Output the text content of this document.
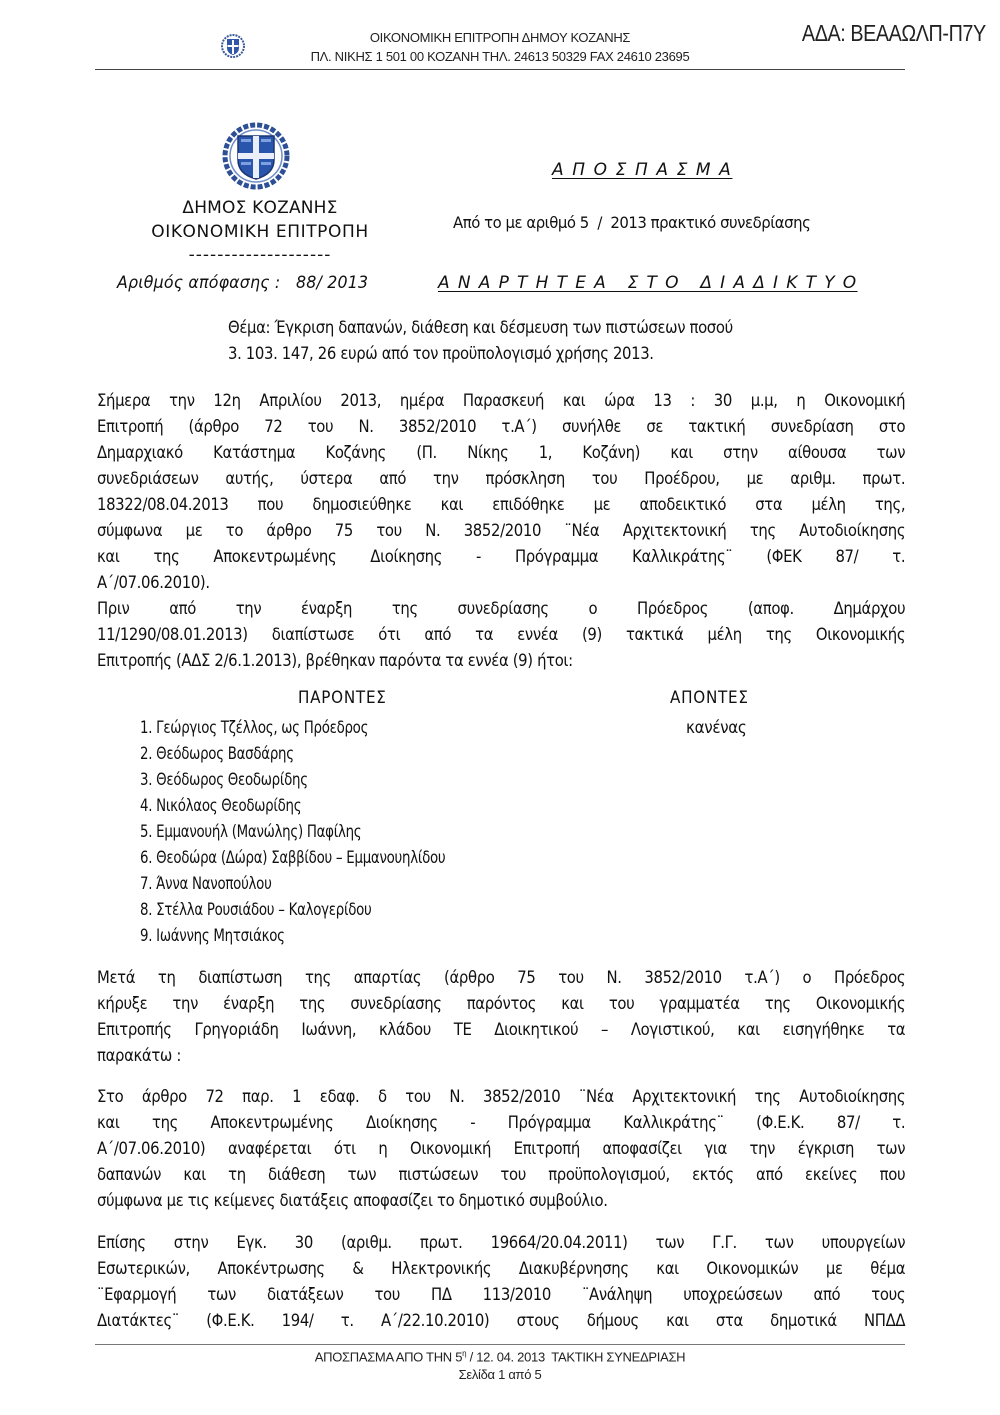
ΟΙΚΟΝΟΜΙΚΗ ΕΠΙΤΡΟΠΗ ΔΗΜΟΥ ΚΟΖΑΝΗΣ
ΠΛ. ΝΙΚΗΣ 1 501 00 ΚΟΖΑΝΗ ΤΗΛ. 24613 50329 FAX 24610 23695
ΑΔΑ: ΒΕΑΑΩΛΠ-Π7Υ
ΔΗΜΟΣ ΚΟΖΑΝΗΣ
ΟΙΚΟΝΟΜΙΚΗ ΕΠΙΤΡΟΠΗ
--------------------
Αριθμός απόφασης : 88/ 2013
Α Π Ο Σ Π Α Σ Μ Α
Από το με αριθμό 5  /  2013 πρακτικό συνεδρίασης
Α Ν Α Ρ Τ Η Τ Ε Α   Σ Τ Ο   Δ Ι Α Δ Ι Κ Τ Υ Ο
Θέμα: Έγκριση δαπανών, διάθεση και δέσμευση των πιστώσεων ποσού
3. 103. 147, 26 ευρώ από τον προϋπολογισμό χρήσης 2013.
Σήμερα την 12η Απριλίου 2013, ημέρα Παρασκευή και ώρα 13 : 30 μ.μ, η Οικονομική
Επιτροπή (άρθρο 72 του Ν. 3852/2010 τ.Α΄) συνήλθε σε τακτική συνεδρίαση στο
Δημαρχιακό Κατάστημα Κοζάνης (Π. Νίκης 1, Κοζάνη) και στην αίθουσα των
συνεδριάσεων αυτής, ύστερα από την πρόσκληση του Προέδρου, με αριθμ. πρωτ.
18322/08.04.2013 που δημοσιεύθηκε και επιδόθηκε με αποδεικτικό στα μέλη της,
σύμφωνα με το άρθρο 75 του Ν. 3852/2010 ¨Νέα Αρχιτεκτονική της Αυτοδιοίκησης
και της Αποκεντρωμένης Διοίκησης - Πρόγραμμα Καλλικράτης¨ (ΦΕΚ 87/ τ.
Α΄/07.06.2010).
Πριν από την έναρξη της συνεδρίασης ο Πρόεδρος (αποφ. Δημάρχου
11/1290/08.01.2013) διαπίστωσε ότι από τα εννέα (9) τακτικά μέλη της Οικονομικής
Επιτροπής (ΑΔΣ 2/6.1.2013), βρέθηκαν παρόντα τα εννέα (9) ήτοι:
ΠΑΡΟΝΤΕΣ	ΑΠΟΝΤΕΣ
κανένας
1. Γεώργιος Τζέλλος, ως Πρόεδρος
2. Θεόδωρος Βασδάρης
3. Θεόδωρος Θεοδωρίδης
4. Νικόλαος Θεοδωρίδης
5. Εμμανουήλ (Μανώλης) Παφίλης
6. Θεοδώρα (Δώρα) Σαββίδου – Εμμανουηλίδου
7. Άννα Νανοπούλου
8. Στέλλα Ρουσιάδου – Καλογερίδου
9. Ιωάννης Μητσιάκος
Μετά τη διαπίστωση της απαρτίας (άρθρο 75 του Ν. 3852/2010 τ.Α΄) ο Πρόεδρος
κήρυξε την έναρξη της συνεδρίασης παρόντος και του γραμματέα της Οικονομικής
Επιτροπής Γρηγοριάδη Ιωάννη, κλάδου ΤΕ Διοικητικού – Λογιστικού, και εισηγήθηκε τα
παρακάτω :
Στο άρθρο 72 παρ. 1 εδαφ. δ του Ν. 3852/2010 ¨Νέα Αρχιτεκτονική της Αυτοδιοίκησης
και της Αποκεντρωμένης Διοίκησης - Πρόγραμμα Καλλικράτης¨ (Φ.Ε.Κ. 87/ τ.
Α΄/07.06.2010) αναφέρεται ότι η Οικονομική Επιτροπή αποφασίζει για την έγκριση των
δαπανών και τη διάθεση των πιστώσεων του προϋπολογισμού, εκτός από εκείνες που
σύμφωνα με τις κείμενες διατάξεις αποφασίζει το δημοτικό συμβούλιο.
Επίσης στην Εγκ. 30 (αριθμ. πρωτ. 19664/20.04.2011) των Γ.Γ. των υπουργείων
Εσωτερικών, Αποκέντρωσης & Ηλεκτρονικής Διακυβέρνησης και Οικονομικών με θέμα
¨Εφαρμογή των διατάξεων του ΠΔ 113/2010 ¨Ανάληψη υποχρεώσεων από τους
Διατάκτες¨ (Φ.Ε.Κ. 194/ τ. Α΄/22.10.2010) στους δήμους και στα δημοτικά ΝΠΔΔ
ΑΠΟΣΠΑΣΜΑ ΑΠΟ ΤΗΝ $5^\eta / 12$. 04. 2013  ΤΑΚΤΙΚΗ ΣΥΝΕΔΡΙΑΣΗ
Σελίδα 1 από 5
